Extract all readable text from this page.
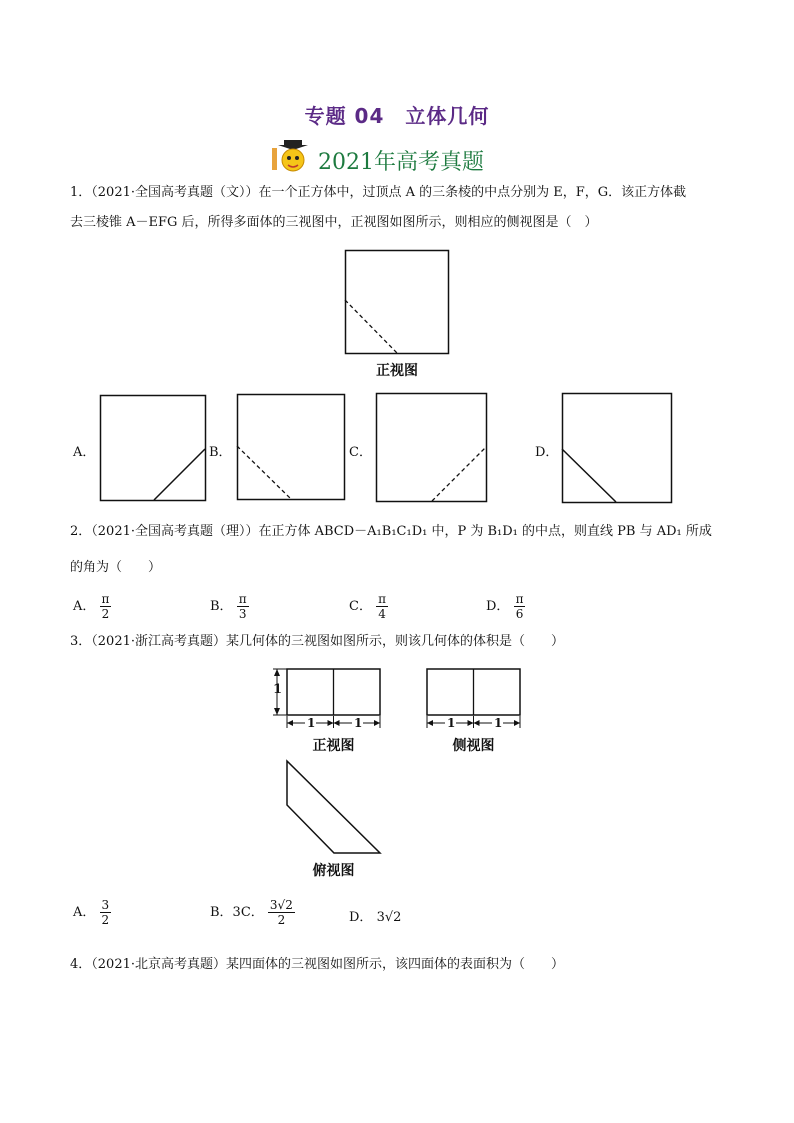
专题 04　立体几何
2021年高考真题
1．（2021·全国高考真题（文））在一个正方体中，过顶点 A 的三条棱的中点分别为 E，F，G．该正方体截
去三棱锥 A－EFG 后，所得多面体的三视图中，正视图如图所示，则相应的侧视图是（　）
正视图
A．	B．	C．	D．
2．（2021·全国高考真题（理））在正方体 ABCD－A₁B₁C₁D₁ 中，P 为 B₁D₁ 的中点，则直线 PB 与 AD₁ 所成
的角为（　　）
A． $\frac{\pi}{2}$	B． $\frac{\pi}{3}$	C． $\frac{\pi}{4}$	D． $\frac{\pi}{6}$
3．（2021·浙江高考真题）某几何体的三视图如图所示，则该几何体的体积是（　　）
1
1	1
正视图
1	1
侧视图
俯视图
A． $\frac{3}{2}$	B．3C． $\frac{3√2}{2}$	D． 3√2
4．（2021·北京高考真题）某四面体的三视图如图所示，该四面体的表面积为（　　）
